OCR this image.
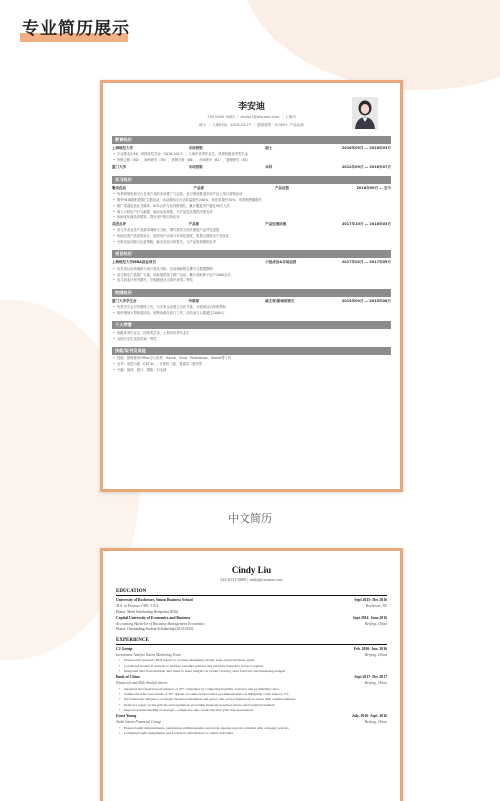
专业简历展示
李安迪
155 0000 0000 ｜ Andy.Li@resume.com ｜ 上海市
硕士 ｜ 入职时间：2018-03-27 ｜ 期望薪资：9,000+ 产品运营
教育经历
上海财经大学	市场营销	硕士	2016年09月 — 2018年03月
• 专业排名5/36，获国家奖学金（2016-2017），上海市优秀毕业生，获得校级优秀奖学金
• 所修主修（80），商科研究（85），营销分析（88），市场研究（82），管理研究（85）
厦门大学	市场营销	本科	2012年09月 — 2016年07月
实习经历
聚美优品	产品部	产品运营	2016年09月 — 至今
• 负责跨境电商平台各项产品的市场推广与运营，参与策划推进多项产品上线与营销活动
• 策划"618限时抢购"主题活动，活动期间平台访问量提升200%，转化率提升35%，带来销售额增长
• 推广渠道包括社交媒体、KOL合作与站内资源位，累计覆盖用户超过50万人次
• 深入分析用户行为数据，输出运营周报，为产品迭代提供决策支持
• 协助优化商品详情页，提升用户购买转化率
美团点评	产品部	产品经理助理	2017年10月 — 2018年03月
• 参与外卖业务产品需求调研与分析，撰写需求文档并跟进产品开发进度
• 协助完成产品原型设计，组织用户访谈与可用性测试，收集反馈推动产品优化
• 分析竞品功能与运营策略，输出竞品分析报告，为产品规划提供参考
项目经历
上海财经大学MBA创业项目	小组成员&市场运营	2017年03月 — 2017年09月
• 负责项目市场调研与用户需求分析，完成调研报告撰写与数据整理
• 参与制定产品推广方案，协助组织线下推广活动，累计获取种子用户1000余名
• 参与商业计划书撰写，在校级创业大赛中获得二等奖
校园经历
厦门大学学生会	外联部	副主席/新闻部部长	2013年09月 — 2015年06月
• 负责学生会对外联络工作，与多家企业建立合作关系，为校园活动争取赞助
• 组织策划大型校园活动，统筹协调各部门工作，活动参与人数超过2000人
个人荣誉
• 校级优秀毕业生、国家奖学金、上海市优秀毕业生
• 全国大学生英语竞赛一等奖
技能/证书及其他
• 技能：熟练使用Office办公软件、Axure、Visio、Photoshop、Xmind等工具
• 证书：英语六级（CET-6）、计算机二级、普通话二级甲等
• 兴趣：阅读、旅行、摄影、羽毛球
中文简历
Cindy Liu
021-6131-0000 | cindy@resume.com
EDUCATION
University of Rochester, Simon Business School	Sept 2015- Dec 2016
M.S. in Finance GPA: 3.8/4	Rochester, NY
Honor: Merit Scholarship Recipient (2016)
Capital University of Economics and Business	Sept 2014- June 2016
Accounting Bachelor of Business Management Economics	Beijing, China
Honor: Outstanding Student Scholarship (2014-2015)
EXPERIENCE
CJ Group	Feb. 2016- Jun. 2016
Investment Analyst Intern Marketing Team	Beijing, China
• Prepared the quarterly BOI reports to evaluate marketing, media, sales and promotions spend
• Conducted statistical analysis to analyze customer patterns and purchase behaviors across 5 regions
• Integrated data from multiple data bases to share insights on product pricing, sales forecasts and marketing budgets
Bank of China	Sept 2017- Dec 2017
Financial and Risk Analyst Intern	Beijing, China
• Analyzed the financial performance of 20+ companies by comparing liquidity, solvency and profitability ratios
• Summarized the loan details of 50+ default accounts and provided recommendations on mitigating credit risks by 5%
• Performed due diligence on clients' financial statements and used a risk control framework to assess their creditworthiness
• Drafted a report on the policies and regulations governing financial securities future and foreign investment
• Improved understanding of strategic, compliance risk, credit risk and cyber risk assessments
Ernst Young	July. 2016- Sept. 2016
Audit Intern Financial Group	Beijing, China
• Ensured audit disbursements, purchasing reimbursements and travel expense reports complied with company policies
• Completed audit assignments and provided confirmations to clients and banks
